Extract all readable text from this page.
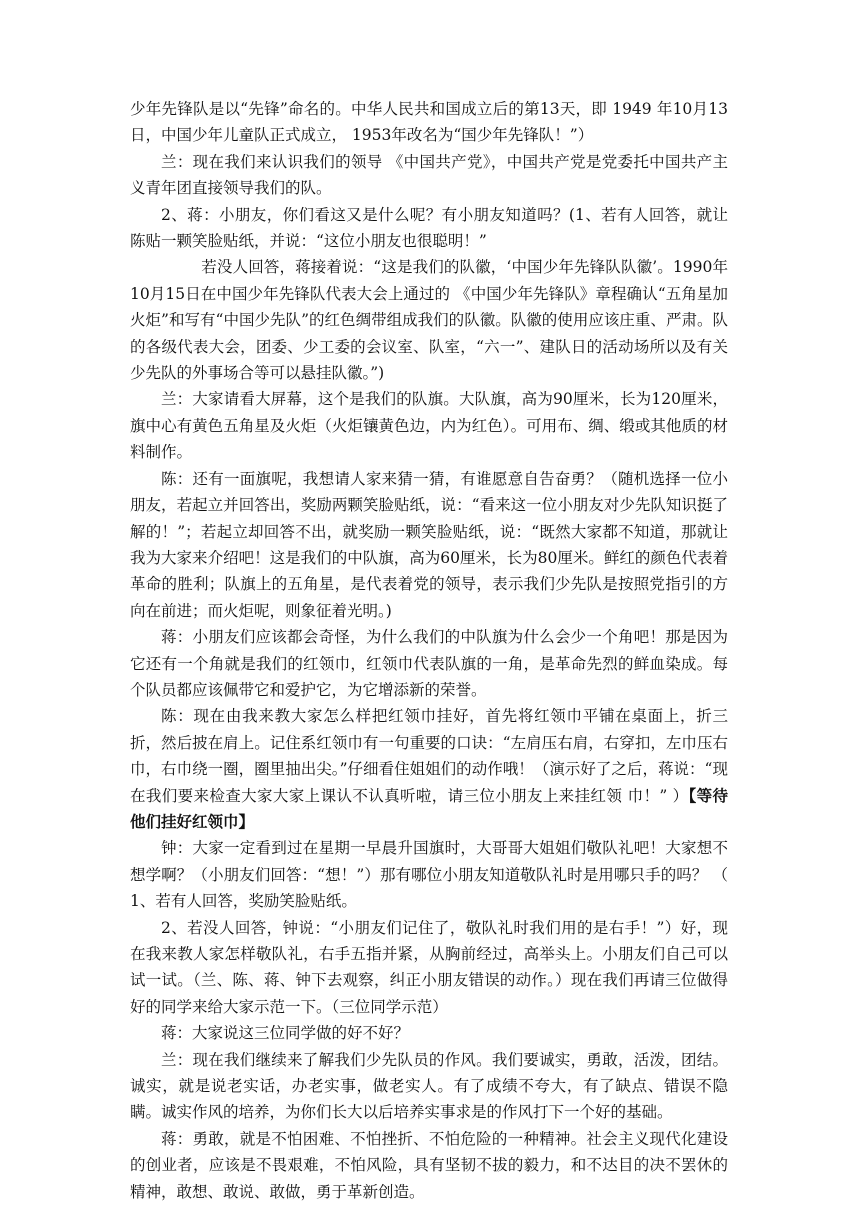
少年先锋队是以“先锋”命名的。中华人民共和国成立后的第13天，即 1949 年10月13日，中国少年儿童队正式成立， 1953年改名为“国少年先锋队！”）

兰：现在我们来认识我们的领导 《中国共产党》，中国共产党是党委托中国共产主义青年团直接领导我们的队。

2、蒋：小朋友，你们看这又是什么呢？有小朋友知道吗？(1、若有人回答，就让陈贴一颗笑脸贴纸，并说：“这位小朋友也很聪明！”

若没人回答，蒋接着说：“这是我们的队徽，‘中国少年先锋队队徽’。1990年10月15日在中国少年先锋队代表大会上通过的 《中国少年先锋队》章程确认“五角星加火炬”和写有“中国少先队”的红色绸带组成我们的队徽。队徽的使用应该庄重、严肃。队的各级代表大会，团委、少工委的会议室、队室，“六一”、建队日的活动场所以及有关少先队的外事场合等可以悬挂队徽。”)

兰：大家请看大屏幕，这个是我们的队旗。大队旗，高为90厘米，长为120厘米，旗中心有黄色五角星及火炬（火炬镶黄色边，内为红色）。可用布、绸、缎或其他质的材料制作。

陈：还有一面旗呢，我想请人家来猜一猜，有谁愿意自告奋勇？（随机选择一位小朋友，若起立并回答出，奖励两颗笑脸贴纸，说：“看来这一位小朋友对少先队知识挺了解的！”；若起立却回答不出，就奖励一颗笑脸贴纸，说：“既然大家都不知道，那就让我为大家来介绍吧！这是我们的中队旗，高为60厘米，长为80厘米。鲜红的颜色代表着革命的胜利；队旗上的五角星，是代表着党的领导，表示我们少先队是按照党指引的方向在前进；而火炬呢，则象征着光明。)

蒋：小朋友们应该都会奇怪，为什么我们的中队旗为什么会少一个角吧！那是因为它还有一个角就是我们的红领巾，红领巾代表队旗的一角，是革命先烈的鲜血染成。每个队员都应该佩带它和爱护它，为它增添新的荣誉。

陈：现在由我来教大家怎么样把红领巾挂好，首先将红领巾平铺在桌面上，折三折，然后披在肩上。记住系红领巾有一句重要的口诀：“左肩压右肩，右穿扣，左巾压右巾，右巾绕一圈，圈里抽出尖。”仔细看住姐姐们的动作哦！（演示好了之后，蒋说：“现在我们要来检查大家大家上课认不认真听啦，请三位小朋友上来挂红领 巾！” ）【等待他们挂好红领巾】

钟：大家一定看到过在星期一早晨升国旗时，大哥哥大姐姐们敬队礼吧！大家想不想学啊？（小朋友们回答：“想！”）那有哪位小朋友知道敬队礼时是用哪只手的吗？ （ 1、若有人回答，奖励笑脸贴纸。

2、若没人回答，钟说：“小朋友们记住了，敬队礼时我们用的是右手！”）好，现在我来教人家怎样敬队礼，右手五指并紧，从胸前经过，高举头上。小朋友们自己可以试一试。（兰、陈、蒋、钟下去观察，纠正小朋友错误的动作。）现在我们再请三位做得好的同学来给大家示范一下。（三位同学示范）

蒋：大家说这三位同学做的好不好？

兰：现在我们继续来了解我们少先队员的作风。我们要诚实，勇敢，活泼，团结。诚实，就是说老实话，办老实事，做老实人。有了成绩不夸大，有了缺点、错误不隐瞒。诚实作风的培养，为你们长大以后培养实事求是的作风打下一个好的基础。

蒋：勇敢，就是不怕困难、不怕挫折、不怕危险的一种精神。社会主义现代化建设的创业者，应该是不畏艰难，不怕风险，具有坚韧不拔的毅力，和不达目的决不罢休的精神，敢想、敢说、敢做，勇于革新创造。
